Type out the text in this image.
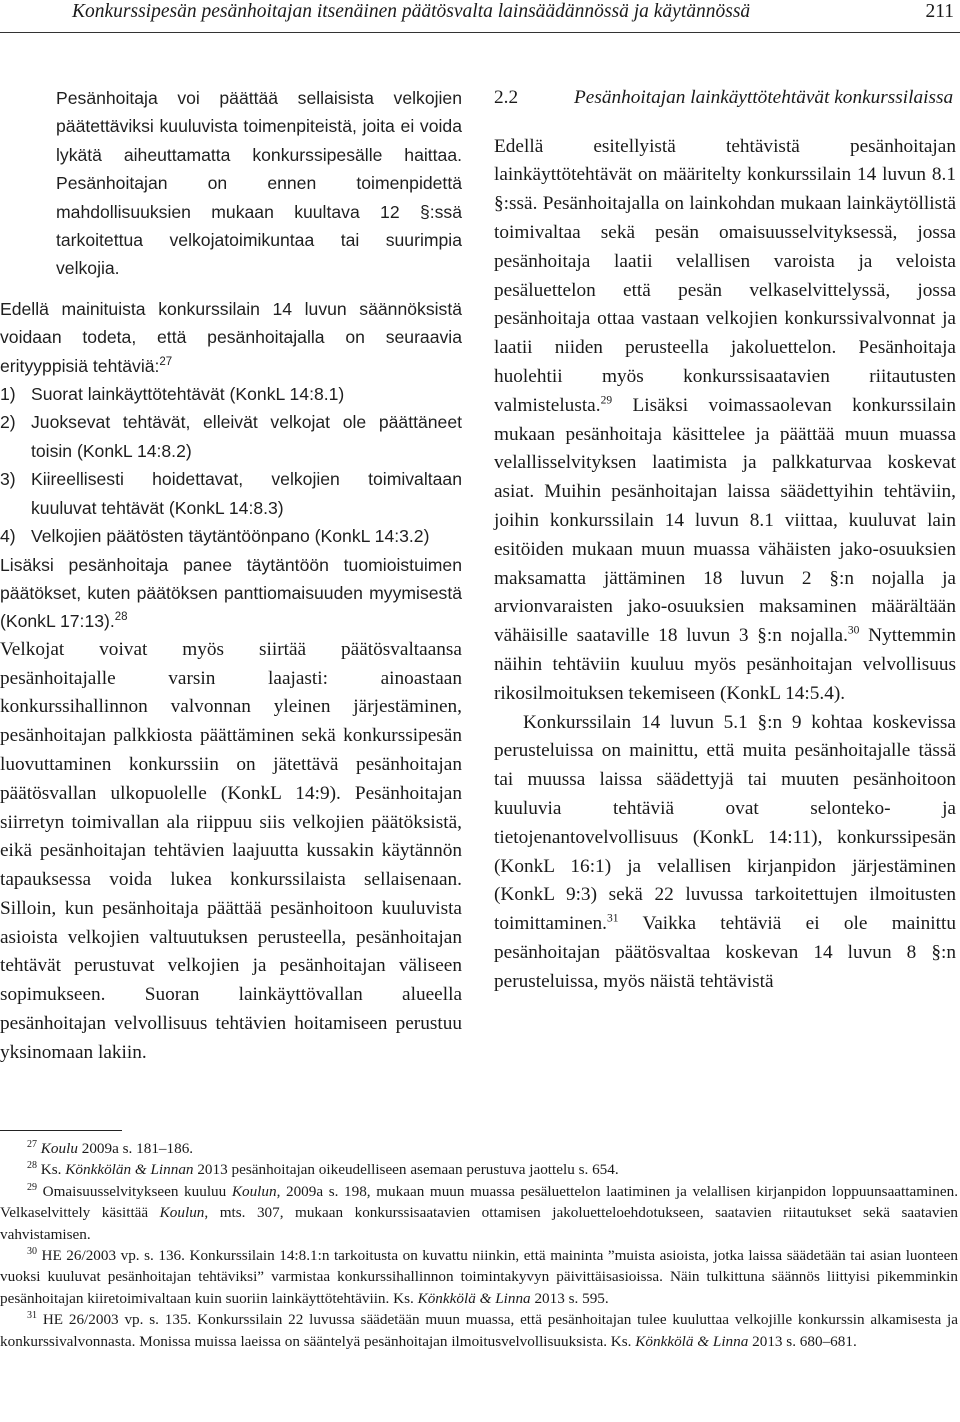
Konkurssipesän pesänhoitajan itsenäinen päätösvalta lainsäädännössä ja käytännössä	211

Pesänhoitaja voi päättää sellaisista velkojien päätettäviksi kuuluvista toimenpiteistä, joita ei voida lykätä aiheuttamatta konkurssipesälle haittaa. Pesänhoitajan on ennen toimenpidettä mahdollisuuksien mukaan kuultava 12 §:ssä tarkoitettua velkojatoimikuntaa tai suurimpia velkojia.

Edellä mainituista konkurssilain 14 luvun säännöksistä voidaan todeta, että pesänhoitajalla on seuraavia erityyppisiä tehtäviä:$^{27}$

1) Suorat lainkäyttötehtävät (KonkL 14:8.1)
2) Juoksevat tehtävät, elleivät velkojat ole päättäneet toisin (KonkL 14:8.2)
3) Kiireellisesti hoidettavat, velkojien toimivaltaan kuuluvat tehtävät (KonkL 14:8.3)
4) Velkojien päätösten täytäntöönpano (KonkL 14:3.2)

Lisäksi pesänhoitaja panee täytäntöön tuomioistuimen päätökset, kuten päätöksen panttiomaisuuden myymisestä (KonkL 17:13).$^{28}$

Velkojat voivat myös siirtää päätösvaltaansa pesänhoitajalle varsin laajasti: ainoastaan konkurssihallinnon valvonnan yleinen järjestäminen, pesänhoitajan palkkiosta päättäminen sekä konkurssipesän luovuttaminen konkurssiin on jätettävä pesänhoitajan päätösvallan ulkopuolelle (KonkL 14:9). Pesänhoitajan siirretyn toimivallan ala riippuu siis velkojien päätöksistä, eikä pesänhoitajan tehtävien laajuutta kussakin käytännön tapauksessa voida lukea konkurssilaista sellaisenaan. Silloin, kun pesänhoitaja päättää pesänhoitoon kuuluvista asioista velkojien valtuutuksen perusteella, pesänhoitajan tehtävät perustuvat velkojien ja pesänhoitajan väliseen sopimukseen. Suoran lainkäyttövallan alueella pesänhoitajan velvollisuus tehtävien hoitamiseen perustuu yksinomaan lakiin.

2.2	Pesänhoitajan lainkäyttötehtävät konkurssilaissa

Edellä esitellyistä tehtävistä pesänhoitajan lainkäyttötehtävät on määritelty konkurssilain 14 luvun 8.1 §:ssä. Pesänhoitajalla on lainkohdan mukaan lainkäytöllistä toimivaltaa sekä pesän omaisuusselvityksessä, jossa pesänhoitaja laatii velallisen varoista ja veloista pesäluettelon että pesän velkaselvittelyssä, jossa pesänhoitaja ottaa vastaan velkojien konkurssivalvonnat ja laatii niiden perusteella jakoluettelon. Pesänhoitaja huolehtii myös konkurssisaatavien riitautusten valmistelusta.$^{29}$ Lisäksi voimassaolevan konkurssilain mukaan pesänhoitaja käsittelee ja päättää muun muassa velallisselvityksen laatimista ja palkkaturvaa koskevat asiat. Muihin pesänhoitajan laissa säädettyihin tehtäviin, joihin konkurssilain 14 luvun 8.1 viittaa, kuuluvat lain esitöiden mukaan muun muassa vähäisten jako-osuuksien maksamatta jättäminen 18 luvun 2 §:n nojalla ja arvionvaraisten jako-osuuksien maksaminen määrältään vähäisille saataville 18 luvun 3 §:n nojalla.$^{30}$ Nyttemmin näihin tehtäviin kuuluu myös pesänhoitajan velvollisuus rikosilmoituksen tekemiseen (KonkL 14:5.4).

Konkurssilain 14 luvun 5.1 §:n 9 kohtaa koskevissa perusteluissa on mainittu, että muita pesänhoitajalle tässä tai muussa laissa säädettyjä tai muuten pesänhoitoon kuuluvia tehtäviä ovat selonteko- ja tietojenantovelvollisuus (KonkL 14:11), konkurssipesän (KonkL 16:1) ja velallisen kirjanpidon järjestäminen (KonkL 9:3) sekä 22 luvussa tarkoitettujen ilmoitusten toimittaminen.$^{31}$ Vaikka tehtäviä ei ole mainittu pesänhoitajan päätösvaltaa koskevan 14 luvun 8 §:n perusteluissa, myös näistä tehtävistä

$^{27}$ Koulu 2009a s. 181–186.

$^{28}$ Ks. Könkkölän & Linnan 2013 pesänhoitajan oikeudelliseen asemaan perustuva jaottelu s. 654.

$^{29}$ Omaisuusselvitykseen kuuluu Koulun, 2009a s. 198, mukaan muun muassa pesäluettelon laatiminen ja velallisen kirjanpidon loppuunsaattaminen. Velkaselvittely käsittää Koulun, mts. 307, mukaan konkurssisaatavien ottamisen jakoluetteloehdotukseen, saatavien riitautukset sekä saatavien vahvistamisen.

$^{30}$ HE 26/2003 vp. s. 136. Konkurssilain 14:8.1:n tarkoitusta on kuvattu niinkin, että maininta ”muista asioista, jotka laissa säädetään tai asian luonteen vuoksi kuuluvat pesänhoitajan tehtäviksi” varmistaa konkurssihallinnon toimintakyvyn päivittäisasioissa. Näin tulkittuna säännös liittyisi pikemminkin pesänhoitajan kiiretoimivaltaan kuin suoriin lainkäyttötehtäviin. Ks. Könkkölä & Linna 2013 s. 595.

$^{31}$ HE 26/2003 vp. s. 135. Konkurssilain 22 luvussa säädetään muun muassa, että pesänhoitajan tulee kuuluttaa velkojille konkurssin alkamisesta ja konkurssivalvonnasta. Monissa muissa laeissa on sääntelyä pesänhoitajan ilmoitusvelvollisuuksista. Ks. Könkkölä & Linna 2013 s. 680–681.
